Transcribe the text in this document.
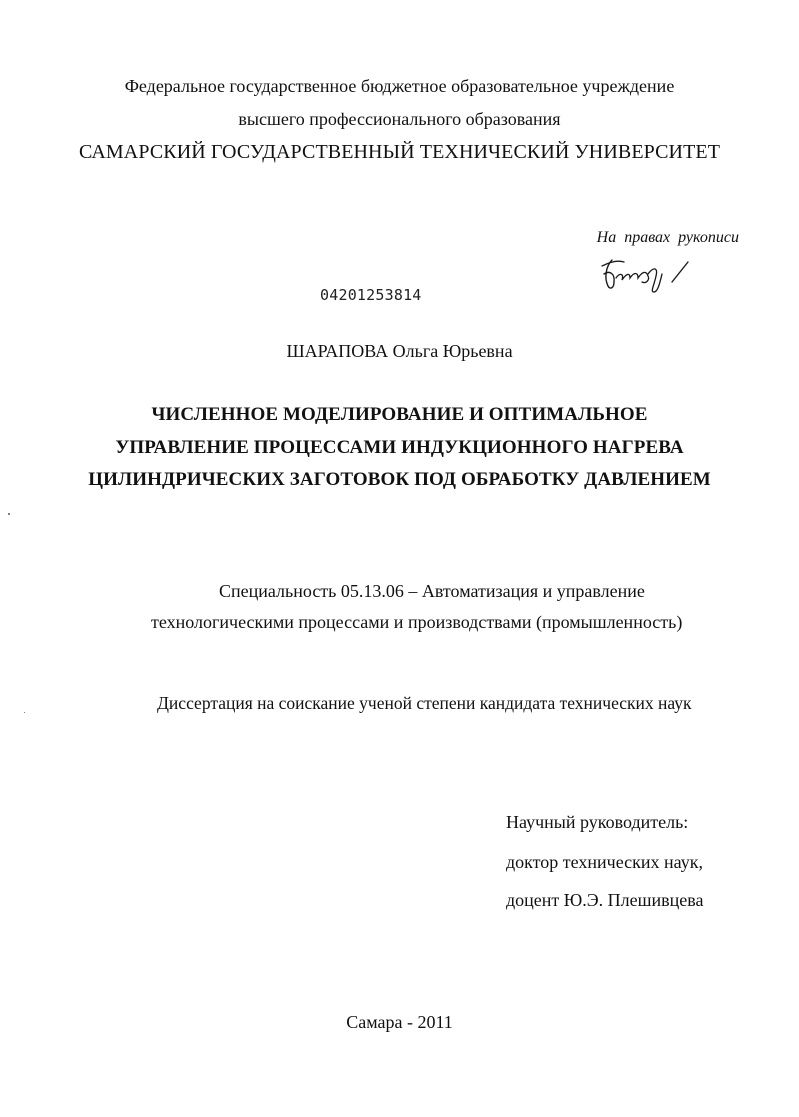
Федеральное государственное бюджетное образовательное учреждение
высшего профессионального образования
САМАРСКИЙ ГОСУДАРСТВЕННЫЙ ТЕХНИЧЕСКИЙ УНИВЕРСИТЕТ
На правах рукописи
04201253814
ШАРАПОВА Ольга Юрьевна
ЧИСЛЕННОЕ МОДЕЛИРОВАНИЕ И ОПТИМАЛЬНОЕ
УПРАВЛЕНИЕ ПРОЦЕССАМИ ИНДУКЦИОННОГО НАГРЕВА
ЦИЛИНДРИЧЕСКИХ ЗАГОТОВОК ПОД ОБРАБОТКУ ДАВЛЕНИЕМ
Специальность 05.13.06 – Автоматизация и управление
технологическими процессами и производствами (промышленность)
Диссертация на соискание ученой степени кандидата технических наук
Научный руководитель:
доктор технических наук,
доцент Ю.Э. Плешивцева
Самара - 2011
